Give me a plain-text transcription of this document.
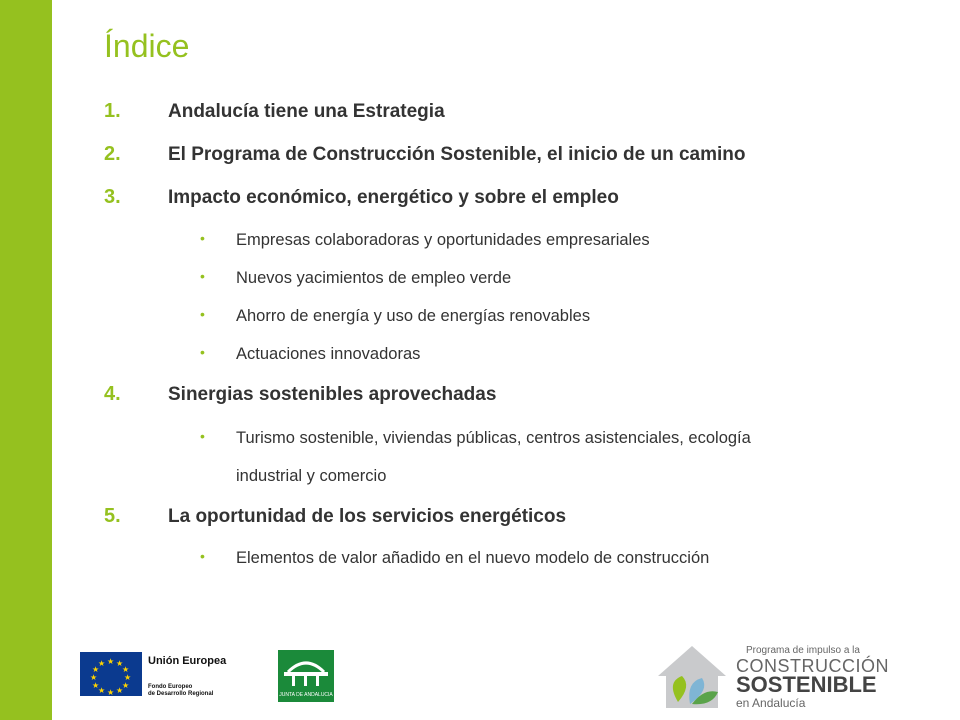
Índice
1. Andalucía tiene una Estrategia
2. El Programa de Construcción Sostenible, el inicio de un camino
3. Impacto económico, energético y sobre el empleo
• Empresas colaboradoras y oportunidades empresariales
• Nuevos yacimientos de empleo verde
• Ahorro de energía y uso de energías renovables
• Actuaciones innovadoras
4. Sinergias sostenibles aprovechadas
• Turismo sostenible, viviendas públicas, centros asistenciales, ecología
industrial y comercio
5. La oportunidad de los servicios energéticos
• Elementos de valor añadido en el nuevo modelo de construcción
★ ★
★
★
★
★
★
★
★
★
★
★	Unión Europea
Fondo Europeo
de Desarrollo Regional	JUNTA DE ANDALUCIA
Programa de impulso a la
CONSTRUCCIÓN
SOSTENIBLE
en Andalucía
